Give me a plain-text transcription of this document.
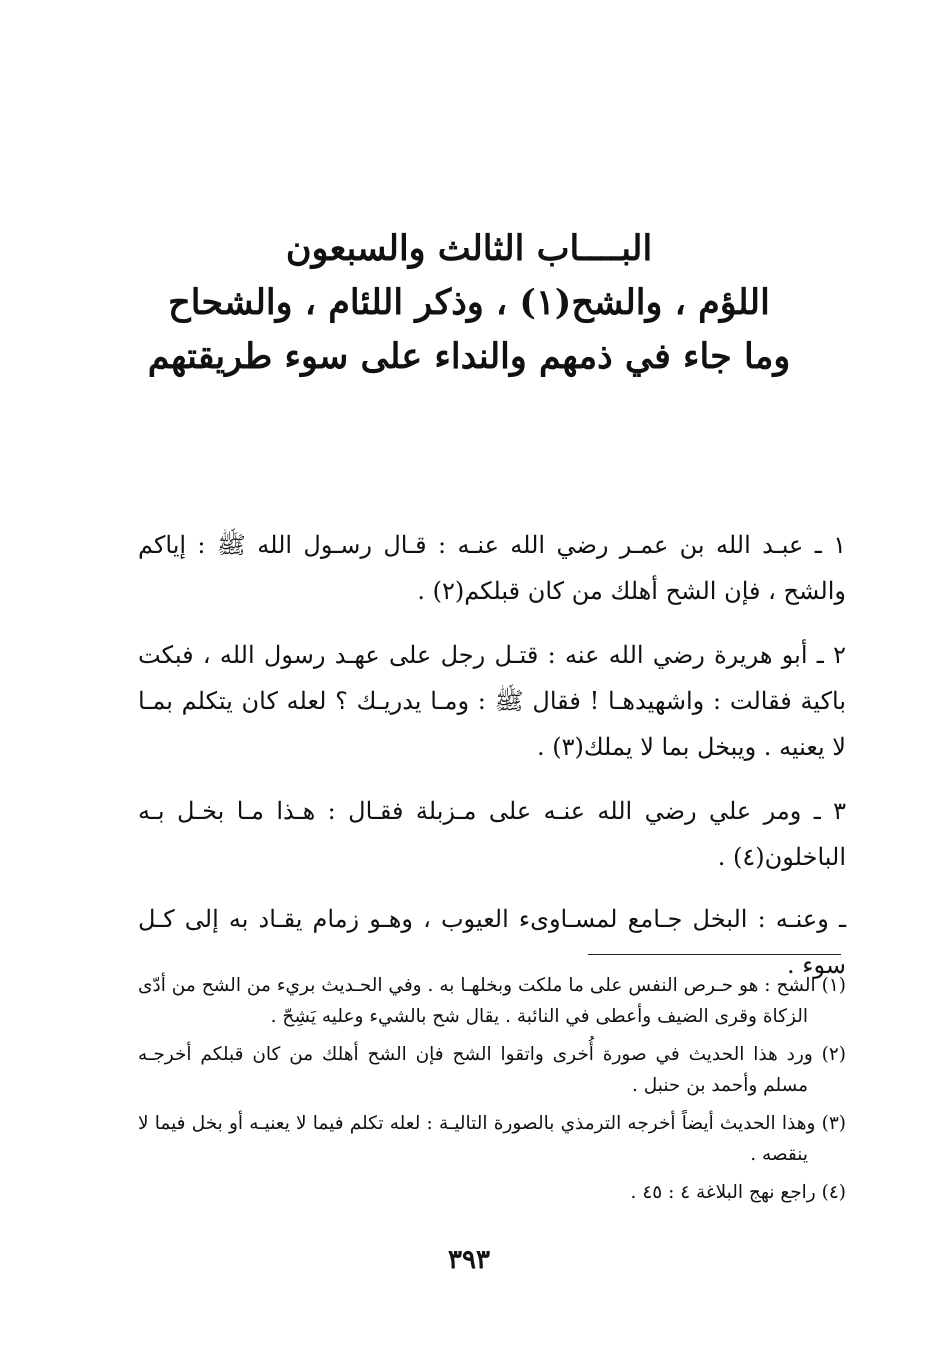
البــــاب الثالث والسبعون
اللؤم ، والشح(١) ، وذكر اللئام ، والشحاح
وما جاء في ذمهم والنداء على سوء طريقتهم

١ ـ عبـد الله بن عمـر رضي الله عنـه : قـال رسـول الله ﷺ : إياكم والشح ، فإن الشح أهلك من كان قبلكم(٢) .

٢ ـ أبو هريرة رضي الله عنه : قتـل رجل على عهـد رسول الله ، فبكت باكية فقالت : واشهيدهـا ! فقال ﷺ : ومـا يدريـك ؟ لعله كان يتكلم بمـا لا يعنيه . ويبخل بما لا يملك(٣) .

٣ ـ ومر علي رضي الله عنـه على مـزبلة فقـال : هـذا مـا بخـل بـه الباخلون(٤) .

ـ وعنـه : البخل جـامع لمسـاوىء العيوب ، وهـو زمام يقـاد به إلى كـل سوء .

(١) الشح : هو حـرص النفس على ما ملكت وبخلهـا به . وفي الحـديث بريء من الشح من أدّى الزكاة وقرى الضيف وأعطى في النائبة . يقال شح بالشيء وعليه يَشِحّ .

(٢) ورد هذا الحديث في صورة أُخرى واتقوا الشح فإن الشح أهلك من كان قبلكم أخرجـه مسلم وأحمد بن حنبل .

(٣) وهذا الحديث أيضاً أخرجه الترمذي بالصورة التاليـة : لعله تكلم فيما لا يعنيـه أو بخل فيما لا ينقصه .

(٤) راجع نهج البلاغة ٤ : ٤٥ .

٣٩٣
